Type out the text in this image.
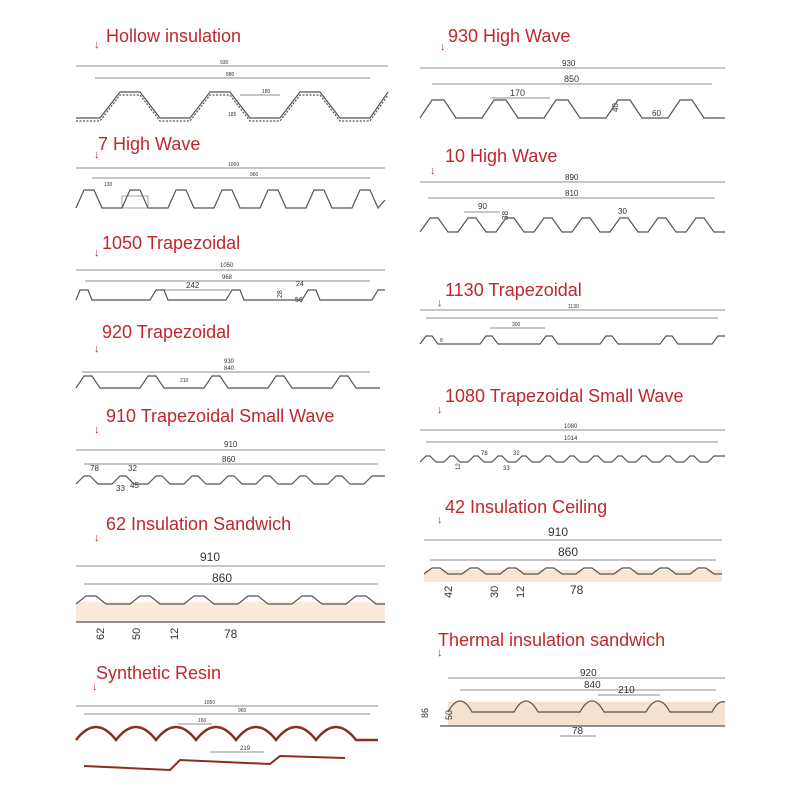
↓ Hollow insulation
930
880
180
185
↓
7 High Wave
1050
960
130
↓ 1050 Trapezoidal
1050
968
242	24
28
56
↓
920 Trapezoidal
930
840
210
↓
910 Trapezoidal Small Wave
910
860
78	32
33 45
↓
62 Insulation Sandwich
910
860
62 50 12	78
↓
Synthetic Resin
1050
960
160
219
↓
930 High Wave
930
850
170
40
60
↓
10 High Wave
890
810
90
38	30
↓
1130 Trapezoidal
1130
300
8
↓
1080 Trapezoidal Small Wave
1080
1014
78	32
12	33
↓
42 Insulation Ceiling
910
860
42	30 12	78
↓
Thermal insulation sandwich
920
840 210
86 50
78
